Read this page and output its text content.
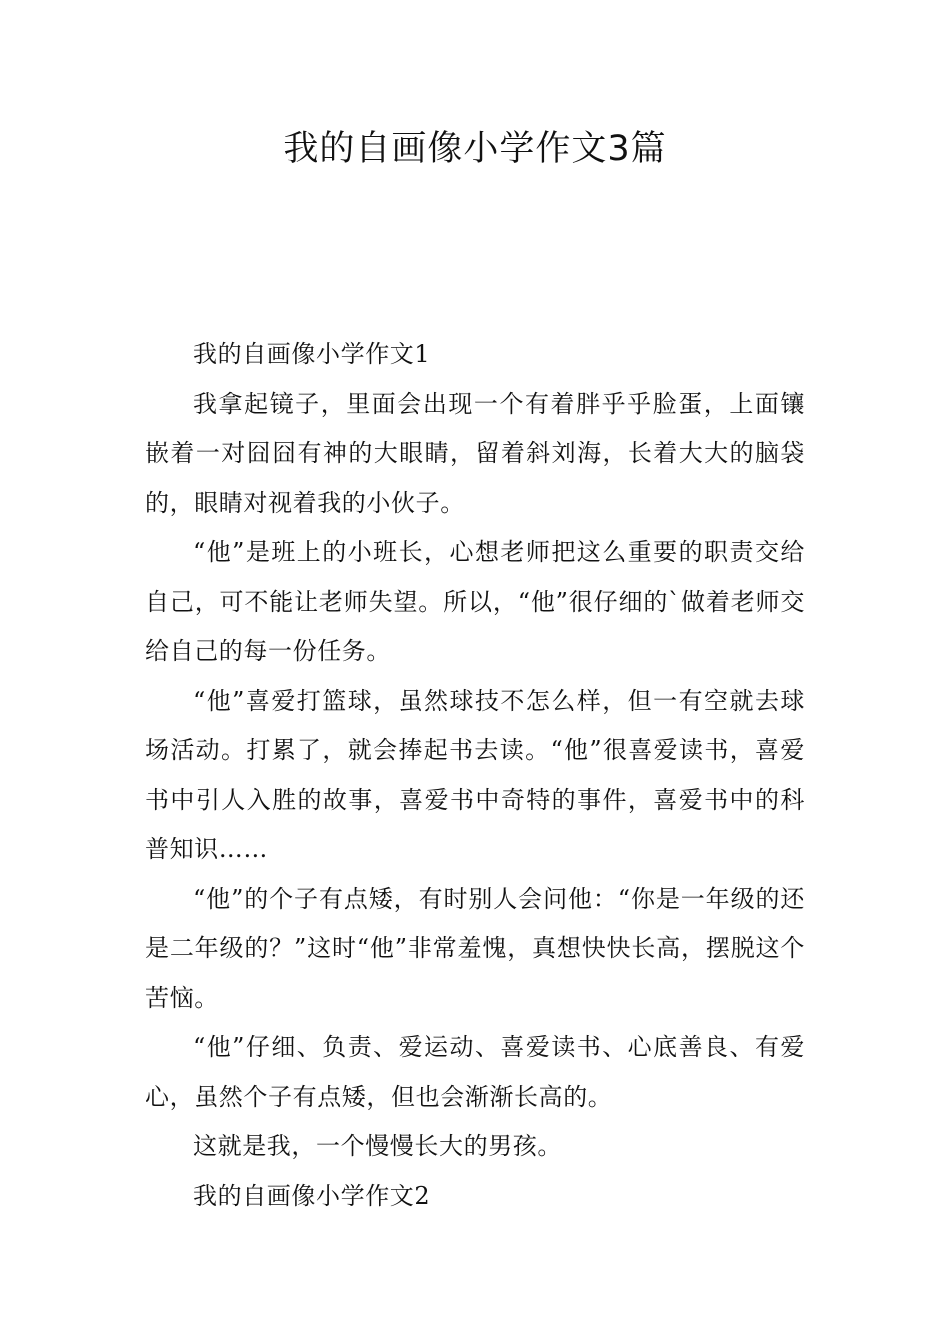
我的自画像小学作文3篇

我的自画像小学作文1

我拿起镜子，里面会出现一个有着胖乎乎脸蛋，上面镶嵌着一对囧囧有神的大眼睛，留着斜刘海，长着大大的脑袋的，眼睛对视着我的小伙子。

“他”是班上的小班长，心想老师把这么重要的职责交给自己，可不能让老师失望。所以，“他”很仔细的`做着老师交给自己的每一份任务。

“他”喜爱打篮球，虽然球技不怎么样，但一有空就去球场活动。打累了，就会捧起书去读。“他”很喜爱读书，喜爱书中引人入胜的故事，喜爱书中奇特的事件，喜爱书中的科普知识……

“他”的个子有点矮，有时别人会问他：“你是一年级的还是二年级的？”这时“他”非常羞愧，真想快快长高，摆脱这个苦恼。

“他”仔细、负责、爱运动、喜爱读书、心底善良、有爱心，虽然个子有点矮，但也会渐渐长高的。

这就是我，一个慢慢长大的男孩。

我的自画像小学作文2
